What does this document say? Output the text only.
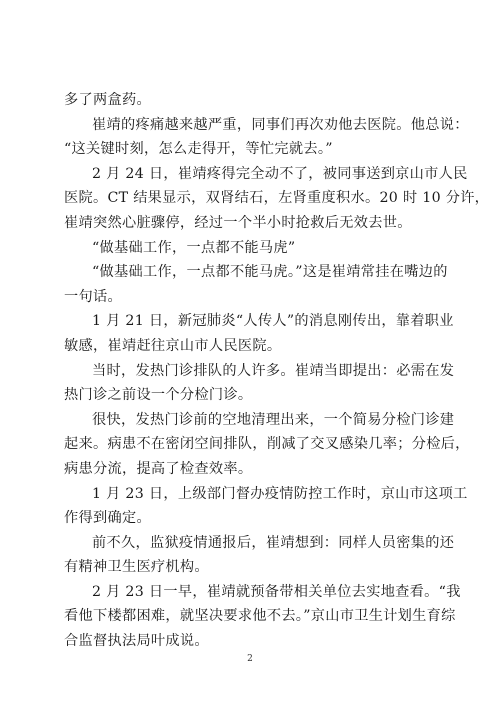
多了两盒药。
崔靖的疼痛越来越严重，同事们再次劝他去医院。他总说：
“这关键时刻，怎么走得开，等忙完就去。”
2 月 24 日，崔靖疼得完全动不了，被同事送到京山市人民
医院。CT 结果显示，双肾结石，左肾重度积水。20 时 10 分许，
崔靖突然心脏骤停，经过一个半小时抢救后无效去世。
“做基础工作，一点都不能马虎”
“做基础工作，一点都不能马虎。”这是崔靖常挂在嘴边的
一句话。
1 月 21 日，新冠肺炎“人传人”的消息刚传出，靠着职业
敏感，崔靖赶往京山市人民医院。
当时，发热门诊排队的人许多。崔靖当即提出：必需在发
热门诊之前设一个分检门诊。
很快，发热门诊前的空地清理出来，一个简易分检门诊建
起来。病患不在密闭空间排队，削减了交叉感染几率；分检后，
病患分流，提高了检查效率。
1 月 23 日，上级部门督办疫情防控工作时，京山市这项工
作得到确定。
前不久，监狱疫情通报后，崔靖想到：同样人员密集的还
有精神卫生医疗机构。
2 月 23 日一早，崔靖就预备带相关单位去实地查看。“我
看他下楼都困难，就坚决要求他不去。”京山市卫生计划生育综
合监督执法局叶成说。
2
